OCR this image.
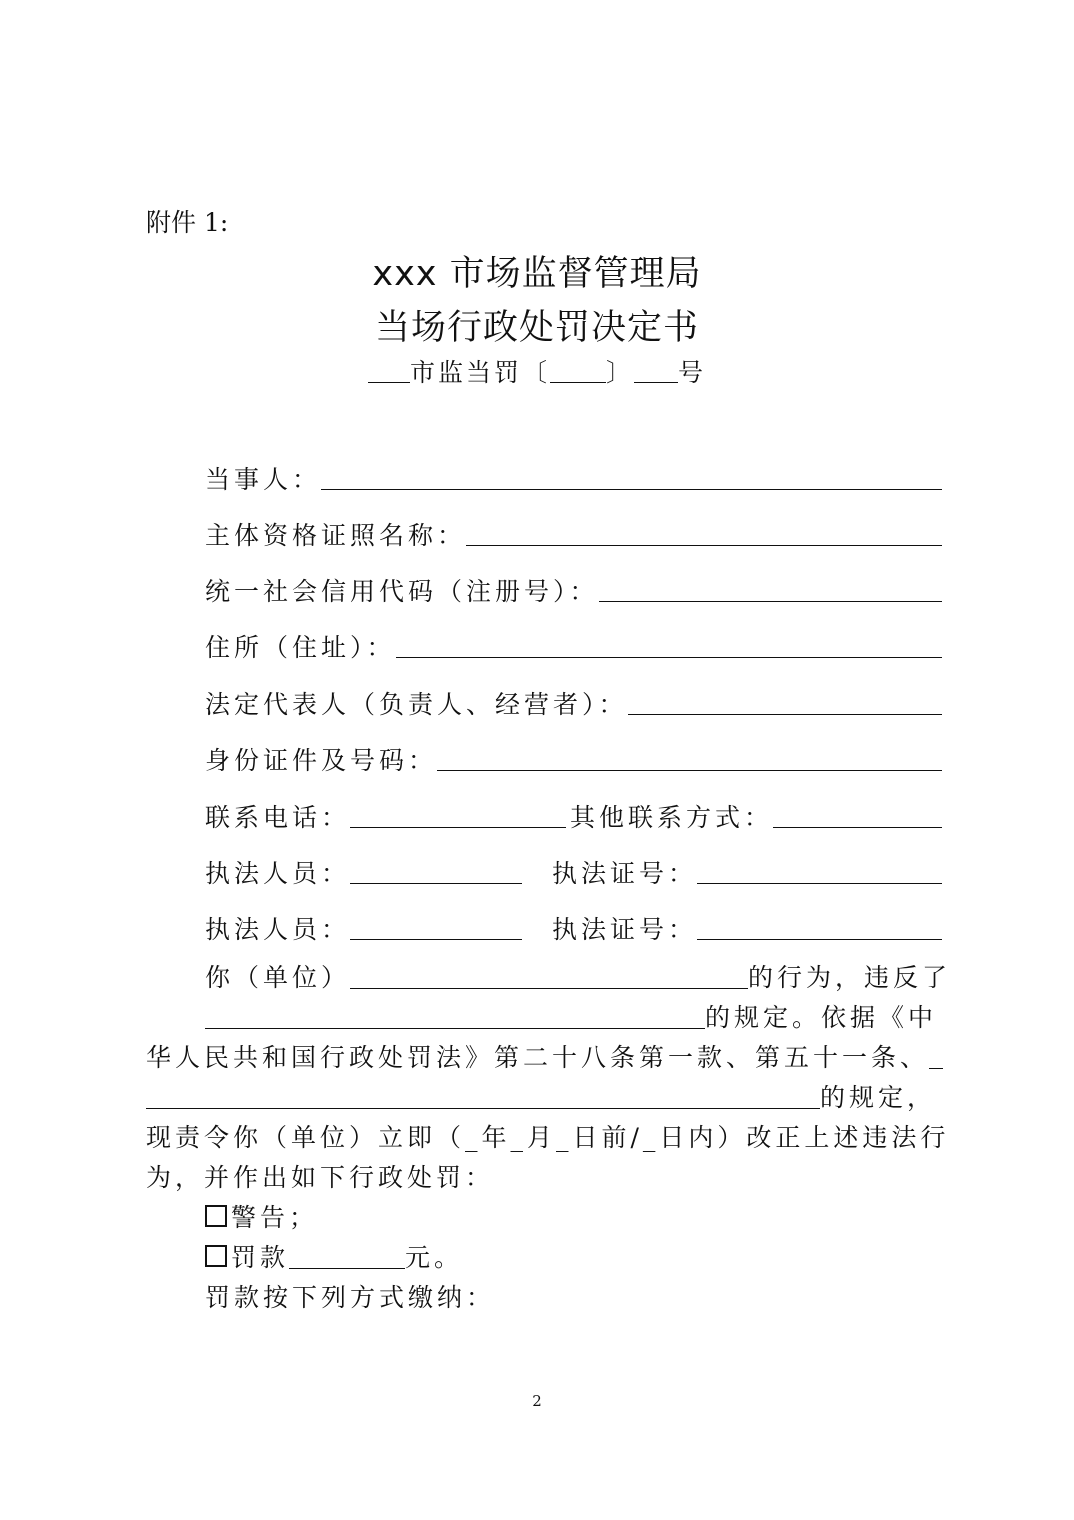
附件 1:
xxx 市场监督管理局
当场行政处罚决定书
市监当罚〔 〕 号
当事人：
主体资格证照名称：
统一社会信用代码（注册号）：
住所（住址）：
法定代表人（负责人、经营者）：
身份证件及号码：
联系电话：	其他联系方式：
执法人员：	执法证号：
执法人员：	执法证号：
你（单位）	的行为，违反了
的规定。依据《中
华人民共和国行政处罚法》第二十八条第一款、第五十一条、
的规定，
现责令你（单位）立即（_年_月_日前/_日内）改正上述违法行
为，并作出如下行政处罚：
警告；
罚款	元。
罚款按下列方式缴纳：
2
